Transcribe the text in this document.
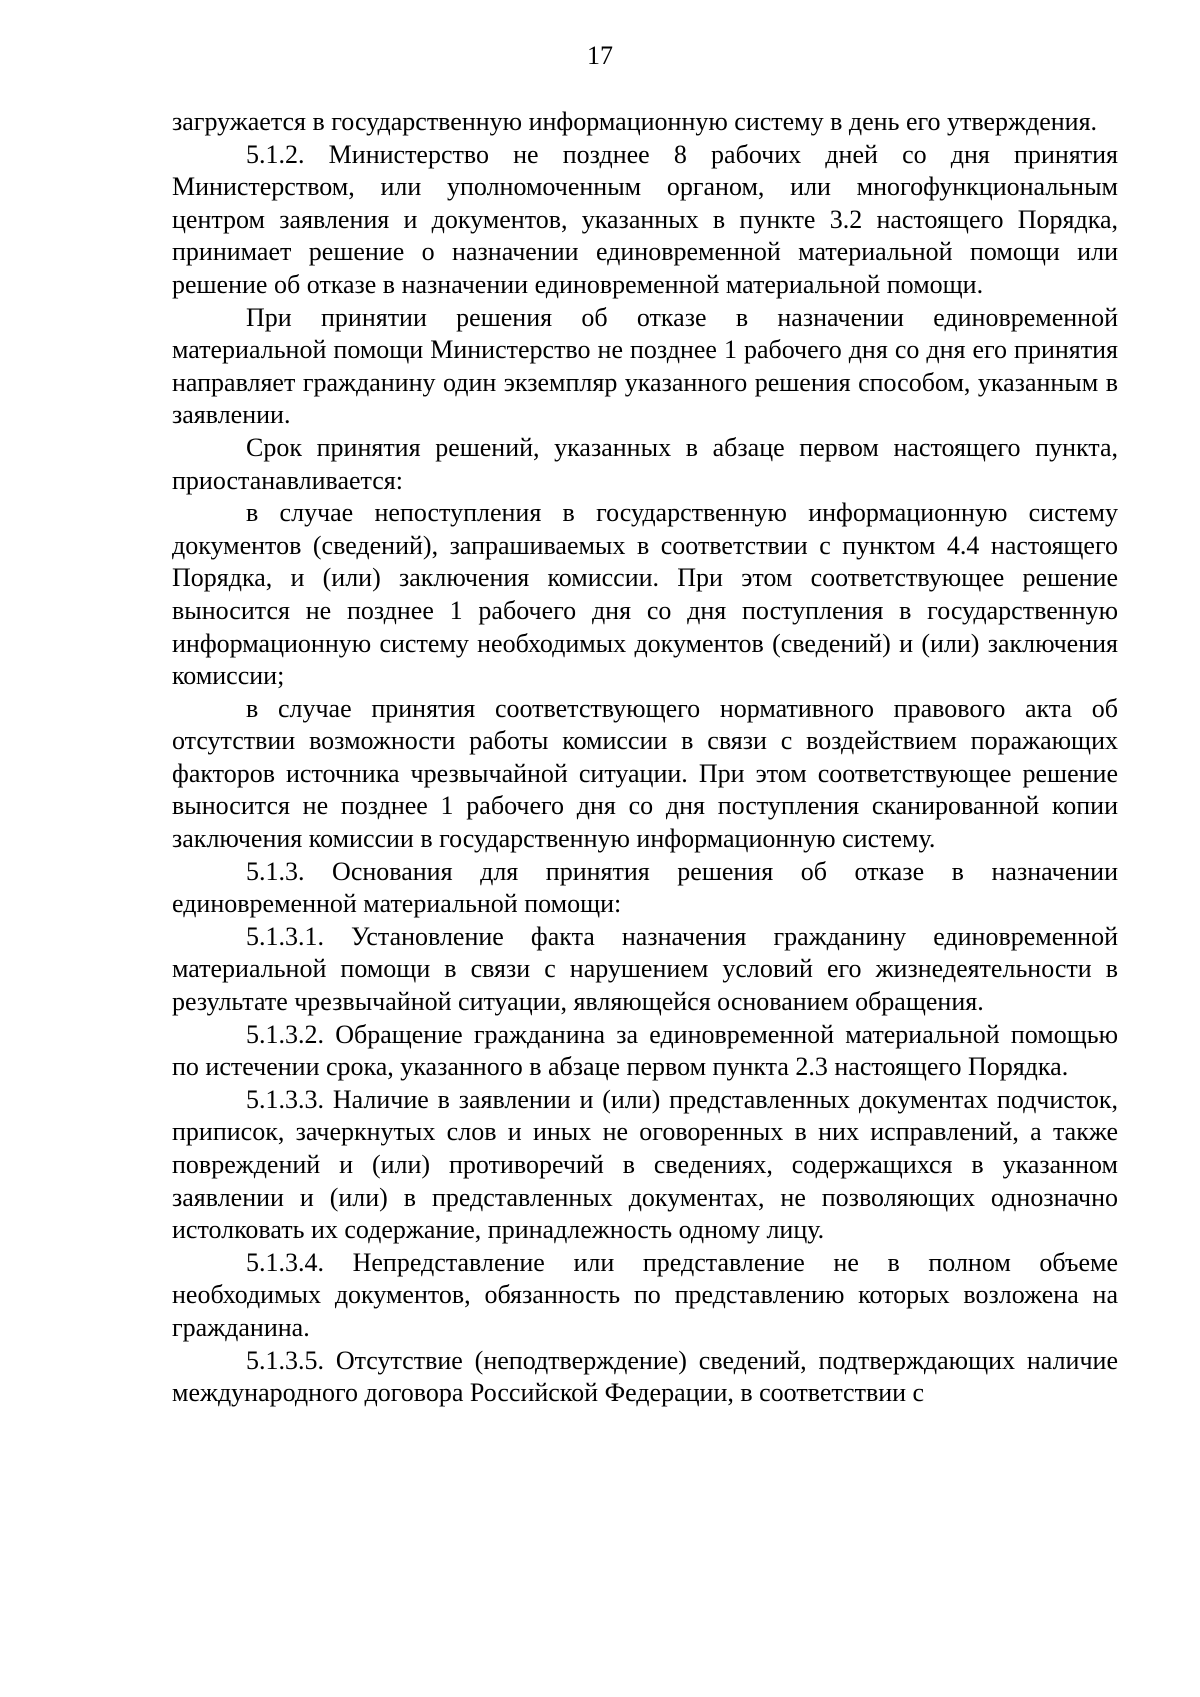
17

загружается в государственную информационную систему в день его утверждения.

5.1.2. Министерство не позднее 8 рабочих дней со дня принятия Министерством, или уполномоченным органом, или многофункциональным центром заявления и документов, указанных в пункте 3.2 настоящего Порядка, принимает решение о назначении единовременной материальной помощи или решение об отказе в назначении единовременной материальной помощи.

При принятии решения об отказе в назначении единовременной материальной помощи Министерство не позднее 1 рабочего дня со дня его принятия направляет гражданину один экземпляр указанного решения способом, указанным в заявлении.

Срок принятия решений, указанных в абзаце первом настоящего пункта, приостанавливается:

в случае непоступления в государственную информационную систему документов (сведений), запрашиваемых в соответствии с пунктом 4.4 настоящего Порядка, и (или) заключения комиссии. При этом соответствующее решение выносится не позднее 1 рабочего дня со дня поступления в государственную информационную систему необходимых документов (сведений) и (или) заключения комиссии;

в случае принятия соответствующего нормативного правового акта об отсутствии возможности работы комиссии в связи с воздействием поражающих факторов источника чрезвычайной ситуации. При этом соответствующее решение выносится не позднее 1 рабочего дня со дня поступления сканированной копии заключения комиссии в государственную информационную систему.

5.1.3. Основания для принятия решения об отказе в назначении единовременной материальной помощи:

5.1.3.1. Установление факта назначения гражданину единовременной материальной помощи в связи с нарушением условий его жизнедеятельности в результате чрезвычайной ситуации, являющейся основанием обращения.

5.1.3.2. Обращение гражданина за единовременной материальной помощью по истечении срока, указанного в абзаце первом пункта 2.3 настоящего Порядка.

5.1.3.3. Наличие в заявлении и (или) представленных документах подчисток, приписок, зачеркнутых слов и иных не оговоренных в них исправлений, а также повреждений и (или) противоречий в сведениях, содержащихся в указанном заявлении и (или) в представленных документах, не позволяющих однозначно истолковать их содержание, принадлежность одному лицу.

5.1.3.4. Непредставление или представление не в полном объеме необходимых документов, обязанность по представлению которых возложена на гражданина.

5.1.3.5. Отсутствие (неподтверждение) сведений, подтверждающих наличие международного договора Российской Федерации, в соответствии с
